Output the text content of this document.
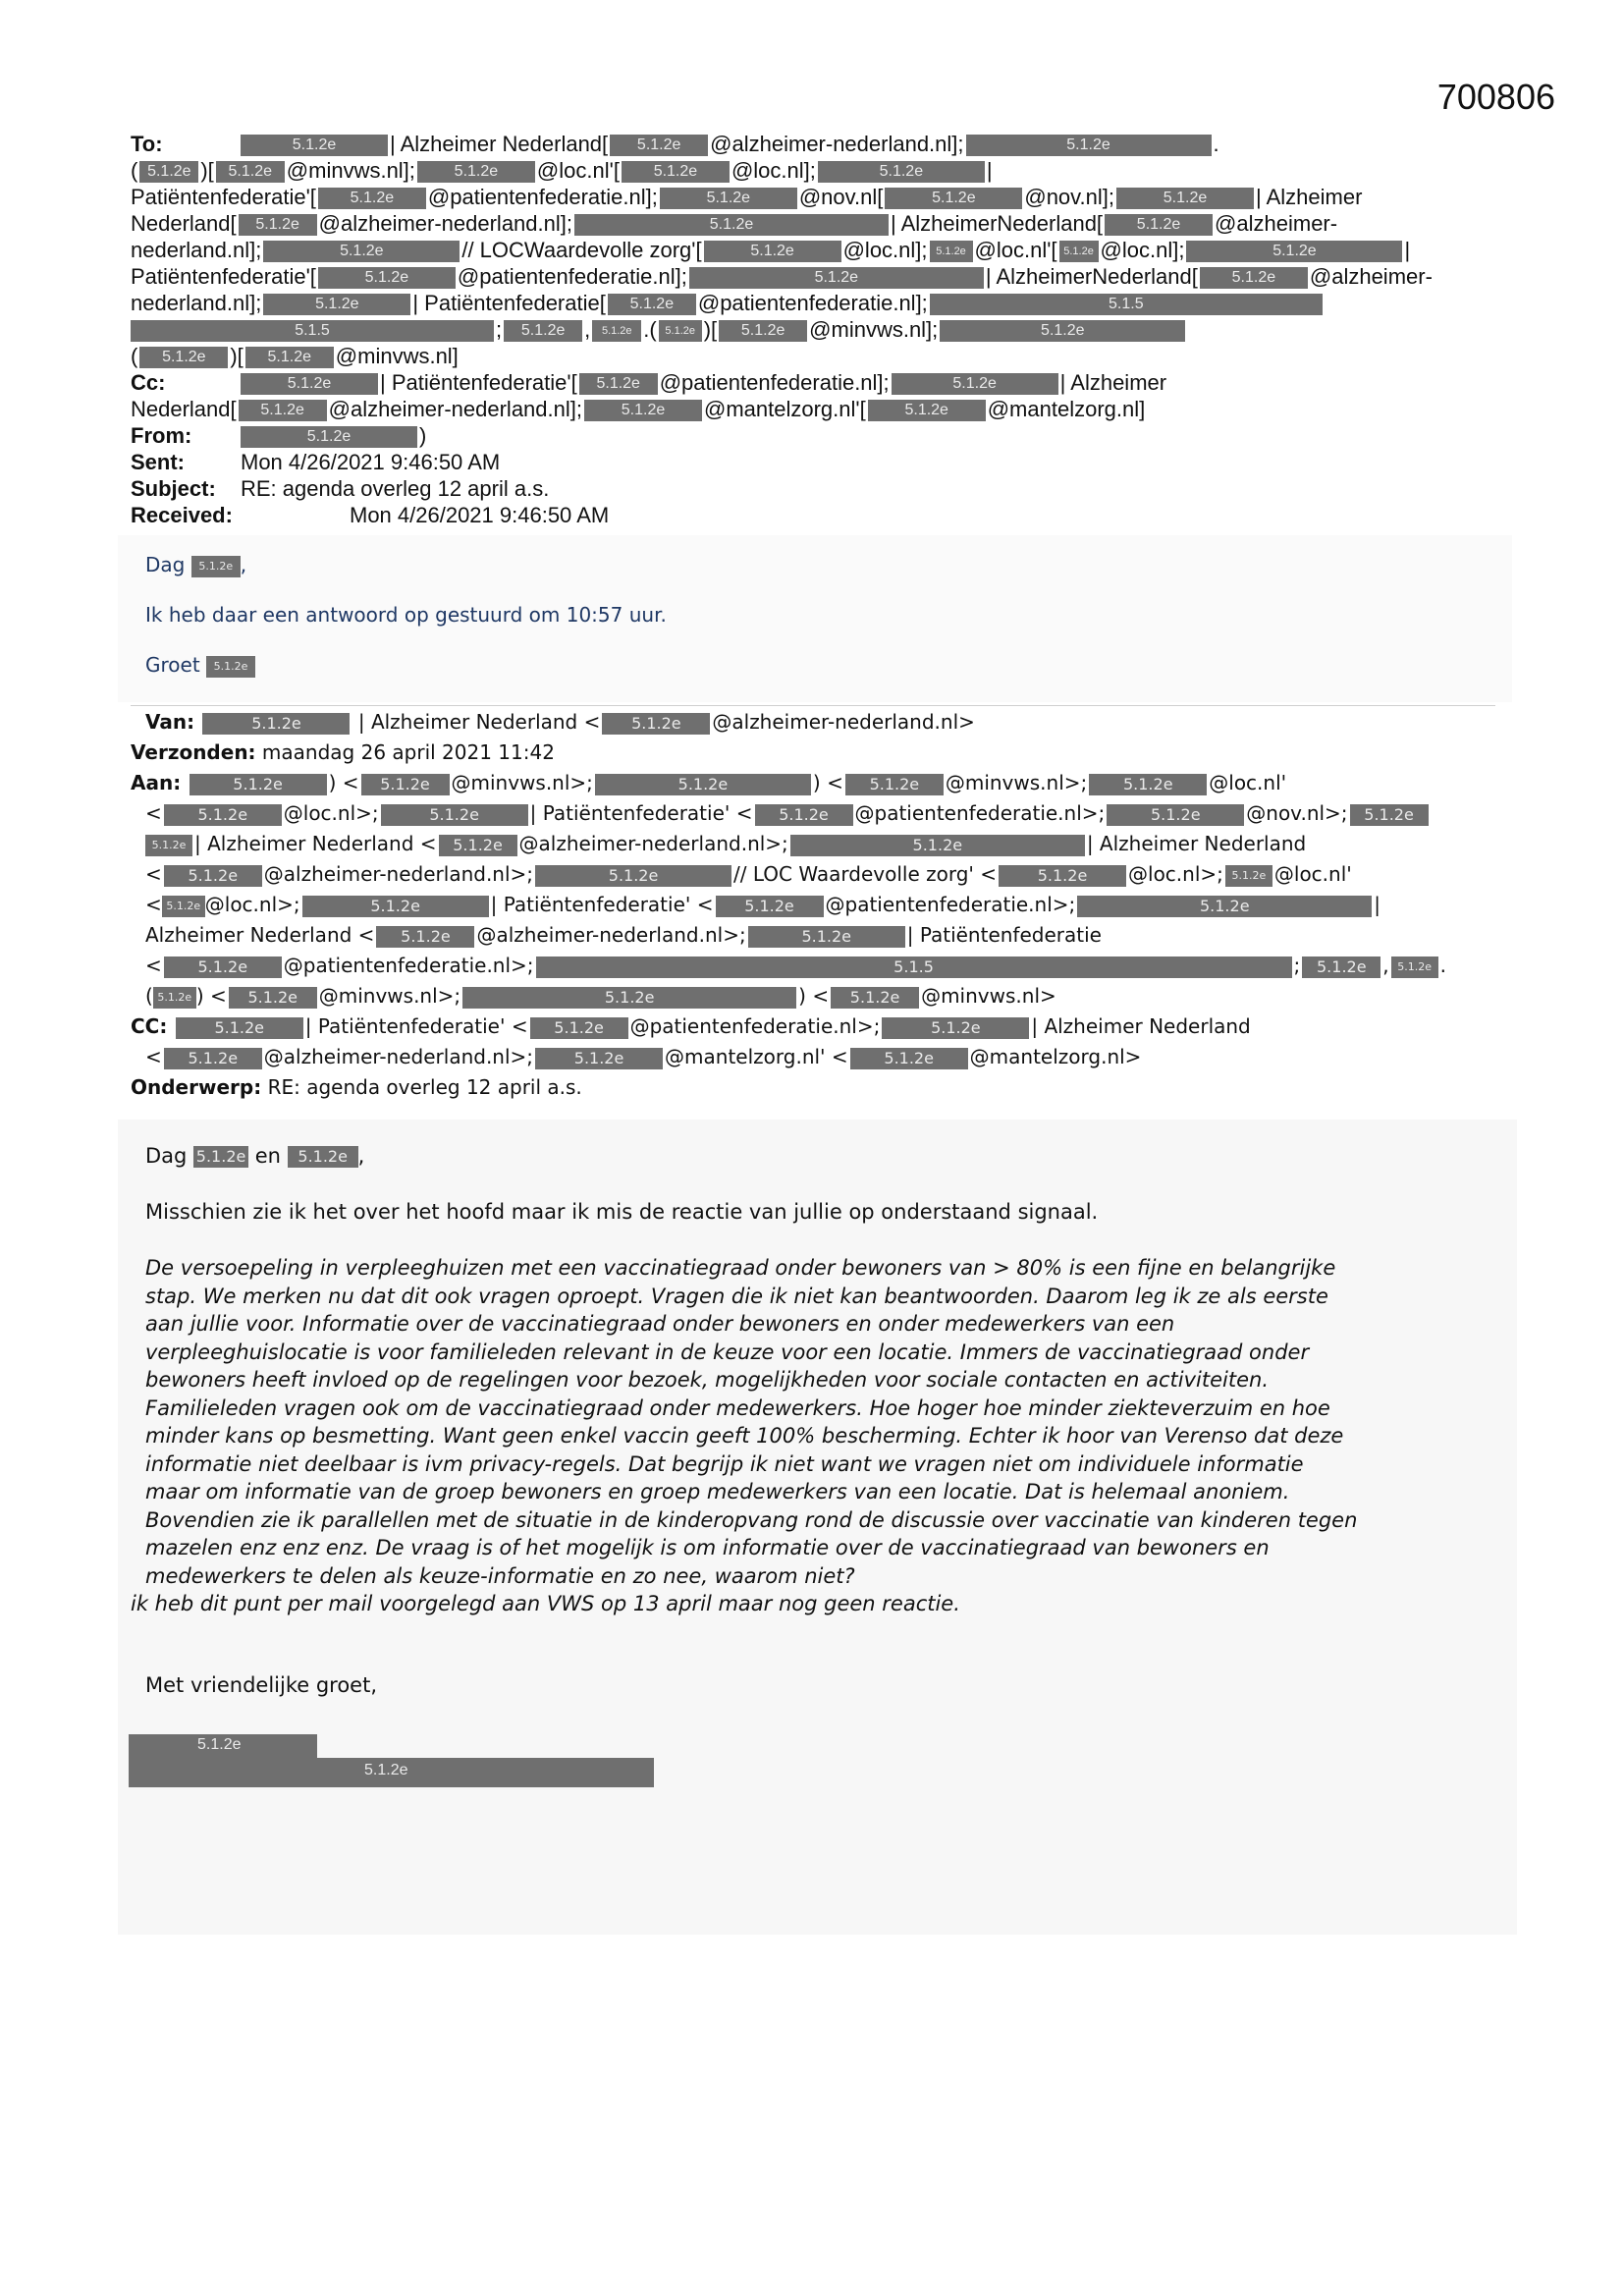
700806
To:	5.1.2e | Alzheimer Nederland[ 5.1.2e @alzheimer-nederland.nl];	5.1.2e	.
( 5.1.2e )[ 5.1.2e @minvws.nl]; 5.1.2e @loc.nl'[ 5.1.2e @loc.nl];	5.1.2e	|
Patiëntenfederatie'[ 5.1.2e @patientenfederatie.nl];	5.1.2e @nov.nl[	5.1.2e @nov.nl];	5.1.2e | Alzheimer
Nederland[ 5.1.2e @alzheimer-nederland.nl];	5.1.2e	| AlzheimerNederland[ 5.1.2e @alzheimer-
nederland.nl];	5.1.2e	// LOCWaardevolle zorg'[	5.1.2e @loc.nl]; 5.1.2e @loc.nl'[ 5.1.2e @loc.nl];	5.1.2e	|
Patiëntenfederatie'[	5.1.2e @patientenfederatie.nl];	5.1.2e	| AlzheimerNederland[ 5.1.2e @alzheimer-
nederland.nl];	5.1.2e | Patiëntenfederatie[ 5.1.2e @patientenfederatie.nl];	5.1.5
5.1.5	; 5.1.2e , 5.1.2e .( 5.1.2e )[ 5.1.2e @minvws.nl];	5.1.2e
( 5.1.2e )[ 5.1.2e @minvws.nl]
Cc:	5.1.2e | Patiëntenfederatie'[ 5.1.2e @patientenfederatie.nl];	5.1.2e	| Alzheimer
Nederland[ 5.1.2e @alzheimer-nederland.nl]; 5.1.2e @mantelzorg.nl'[ 5.1.2e @mantelzorg.nl]
From:	5.1.2e	)
Sent:	Mon 4/26/2021 9:46:50 AM
Subject: RE: agenda overleg 12 april a.s.
Received:	Mon 4/26/2021 9:46:50 AM
Dag 5.1.2e ,
Ik heb daar een antwoord op gestuurd om 10:57 uur.
Groet 5.1.2e
Van:	5.1.2e	| Alzheimer Nederland < 5.1.2e @alzheimer-nederland.nl>
Verzonden: maandag 26 april 2021 11:42
Aan:	5.1.2e ) < 5.1.2e @minvws.nl>;	5.1.2e	) < 5.1.2e @minvws.nl>; 5.1.2e @loc.nl'
< 5.1.2e @loc.nl>;	5.1.2e	| Patiëntenfederatie' < 5.1.2e @patientenfederatie.nl>;	5.1.2e @nov.nl>; 5.1.2e
5.1.2e | Alzheimer Nederland < 5.1.2e @alzheimer-nederland.nl>;	5.1.2e	| Alzheimer Nederland
< 5.1.2e @alzheimer-nederland.nl>;	5.1.2e	// LOC Waardevolle zorg' <	5.1.2e @loc.nl>; 5.1.2e @loc.nl'
< 5.1.2e @loc.nl>;	5.1.2e	| Patiëntenfederatie' < 5.1.2e @patientenfederatie.nl>;	5.1.2e	|
Alzheimer Nederland < 5.1.2e @alzheimer-nederland.nl>;	5.1.2e	| Patiëntenfederatie
< 5.1.2e @patientenfederatie.nl>;	5.1.5	; 5.1.2e , 5.1.2e .
( 5.1.2e ) < 5.1.2e @minvws.nl>;	5.1.2e	) < 5.1.2e @minvws.nl>
CC:	5.1.2e | Patiëntenfederatie' < 5.1.2e @patientenfederatie.nl>;	5.1.2e	| Alzheimer Nederland
< 5.1.2e @alzheimer-nederland.nl>;	5.1.2e @mantelzorg.nl' < 5.1.2e @mantelzorg.nl>
Onderwerp: RE: agenda overleg 12 april a.s.
Dag 5.1.2e en 5.1.2e ,
Misschien zie ik het over het hoofd maar ik mis de reactie van jullie op onderstaand signaal.
De versoepeling in verpleeghuizen met een vaccinatiegraad onder bewoners van > 80% is een fijne en belangrijke
stap. We merken nu dat dit ook vragen oproept. Vragen die ik niet kan beantwoorden. Daarom leg ik ze als eerste
aan jullie voor. Informatie over de vaccinatiegraad onder bewoners en onder medewerkers van een
verpleeghuislocatie is voor familieleden relevant in de keuze voor een locatie. Immers de vaccinatiegraad onder
bewoners heeft invloed op de regelingen voor bezoek, mogelijkheden voor sociale contacten en activiteiten.
Familieleden vragen ook om de vaccinatiegraad onder medewerkers. Hoe hoger hoe minder ziekteverzuim en hoe
minder kans op besmetting. Want geen enkel vaccin geeft 100% bescherming. Echter ik hoor van Verenso dat deze
informatie niet deelbaar is ivm privacy-regels. Dat begrijp ik niet want we vragen niet om individuele informatie
maar om informatie van de groep bewoners en groep medewerkers van een locatie. Dat is helemaal anoniem.
Bovendien zie ik parallellen met de situatie in de kinderopvang rond de discussie over vaccinatie van kinderen tegen
mazelen enz enz enz. De vraag is of het mogelijk is om informatie over de vaccinatiegraad van bewoners en
medewerkers te delen als keuze-informatie en zo nee, waarom niet?
ik heb dit punt per mail voorgelegd aan VWS op 13 april maar nog geen reactie.
Met vriendelijke groet,
5.1.2e
5.1.2e
